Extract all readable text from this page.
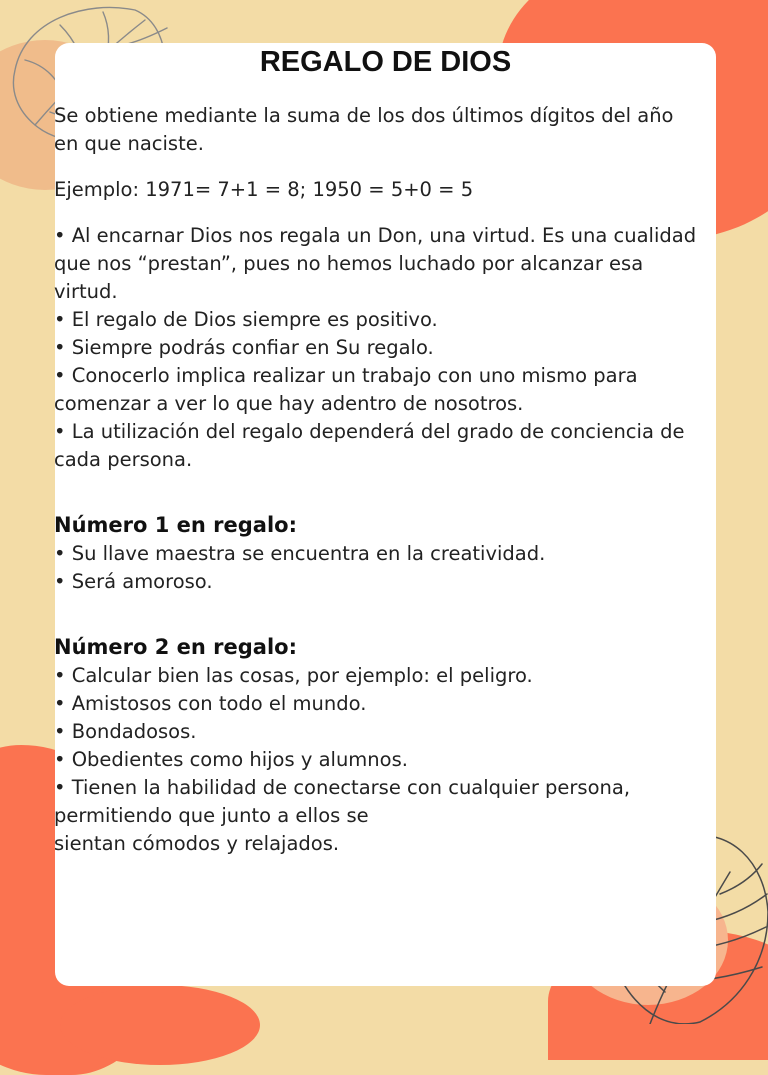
REGALO DE DIOS

Se obtiene mediante la suma de los dos últimos dígitos del año en que naciste.

Ejemplo: 1971= 7+1 = 8; 1950 = 5+0 = 5

• Al encarnar Dios nos regala un Don, una virtud. Es una cualidad que nos “prestan”, pues no hemos luchado por alcanzar esa virtud.

• El regalo de Dios siempre es positivo.

• Siempre podrás confiar en Su regalo.

• Conocerlo implica realizar un trabajo con uno mismo para comenzar a ver lo que hay adentro de nosotros.

• La utilización del regalo dependerá del grado de conciencia de cada persona.

Número 1 en regalo:

• Su llave maestra se encuentra en la creatividad.

• Será amoroso.

Número 2 en regalo:

• Calcular bien las cosas, por ejemplo: el peligro.

• Amistosos con todo el mundo.

• Bondadosos.

• Obedientes como hijos y alumnos.

• Tienen la habilidad de conectarse con cualquier persona, permitiendo que junto a ellos se

sientan cómodos y relajados.
